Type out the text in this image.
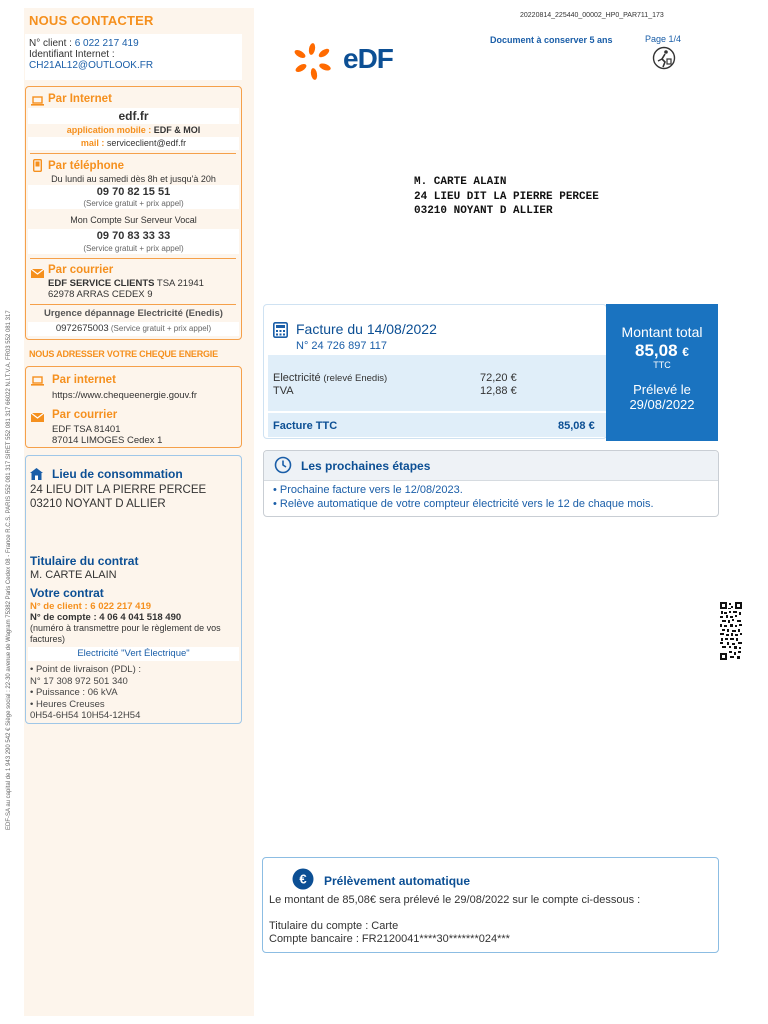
NOUS CONTACTER
N° client : 6 022 217 419
Identifiant Internet :
CH21AL12@OUTLOOK.FR
Par Internet
edf.fr
application mobile : EDF & MOI
mail : serviceclient@edf.fr
Par téléphone
Du lundi au samedi dès 8h et jusqu'à 20h
09 70 82 15 51
(Service gratuit + prix appel)
Mon Compte Sur Serveur Vocal
09 70 83 33 33
(Service gratuit + prix appel)
Par courrier
EDF SERVICE CLIENTS TSA 21941
62978 ARRAS CEDEX 9
Urgence dépannage Electricité (Enedis)
0972675003 (Service gratuit + prix appel)
NOUS ADRESSER VOTRE CHEQUE ENERGIE
Par internet
https://www.chequeenergie.gouv.fr
Par courrier
EDF TSA 81401
87014 LIMOGES Cedex 1
Lieu de consommation
24 LIEU DIT LA PIERRE PERCEE
03210 NOYANT D ALLIER
Titulaire du contrat
M. CARTE ALAIN
Votre contrat
N° de client : 6 022 217 419
N° de compte : 4 06 4 041 518 490
(numéro à transmettre pour le règlement de vos factures)
Electricité "Vert Électrique"
• Point de livraison (PDL) :
N° 17 308 972 501 340
• Puissance : 06 kVA
• Heures Creuses
0H54-6H54 10H54-12H54
EDF-SA au capital de 1 943 290 542 € Siège social : 22-30 avenue de Wagram 75382 Paris Cedex 08 - France R.C.S. PARIS 552 081 317 SIRET 552 081 317 66022 N.I.T.V.A. FR03 552 081 317
20220814_225440_00002_HP0_PAR711_173
Document à conserver 5 ans	Page 1/4
eDF
M. CARTE ALAIN
24 LIEU DIT LA PIERRE PERCEE
03210 NOYANT D ALLIER
Facture du 14/08/2022
N° 24 726 897 117
Electricité (relevé Enedis)	72,20 €
TVA	12,88 €
Facture TTC	85,08 €
Montant total
85,08 €
TTC
Prélevé le
29/08/2022
Les prochaines étapes
• Prochaine facture vers le 12/08/2023.
• Relève automatique de votre compteur électricité vers le 12 de chaque mois.
€ Prélèvement automatique
Le montant de 85,08€ sera prélevé le 29/08/2022 sur le compte ci-dessous :
Titulaire du compte : Carte
Compte bancaire : FR2120041****30*******024***
